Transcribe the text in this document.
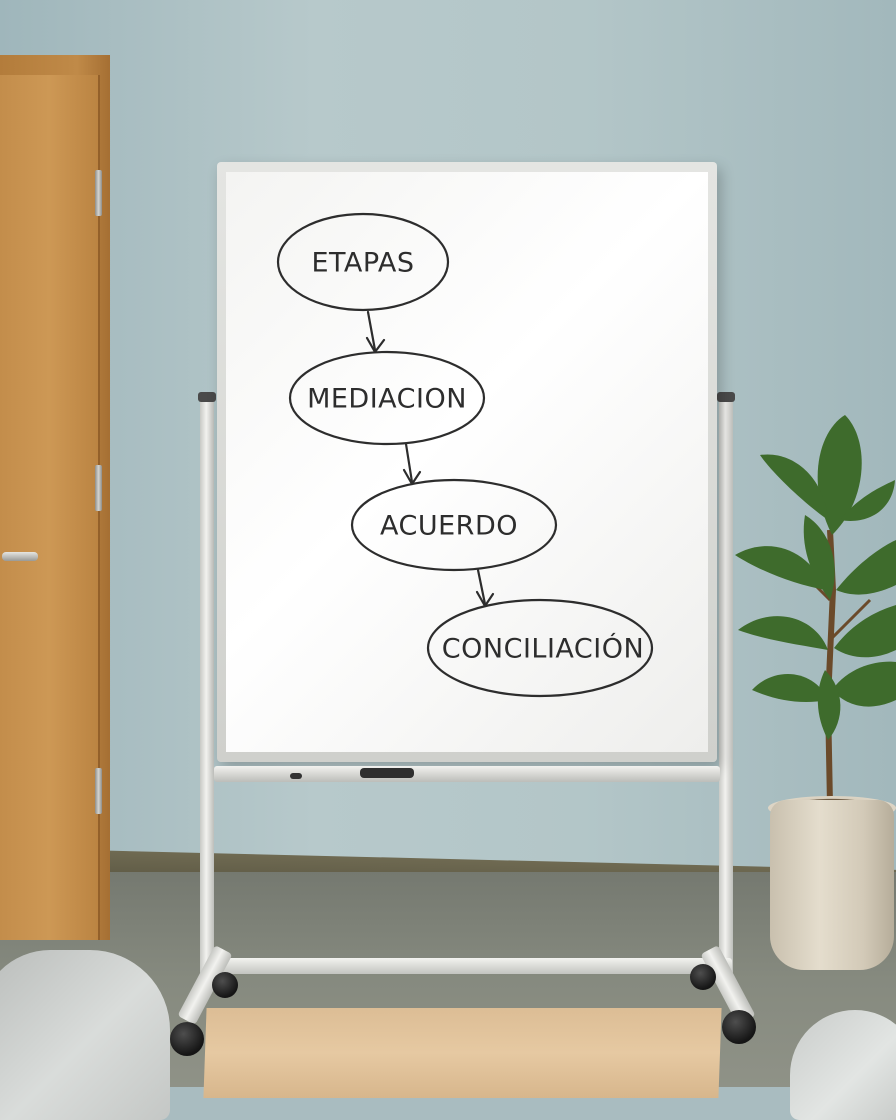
ETAPAS
MEDIACION
ACUERDO
CONCILIACIÓN
